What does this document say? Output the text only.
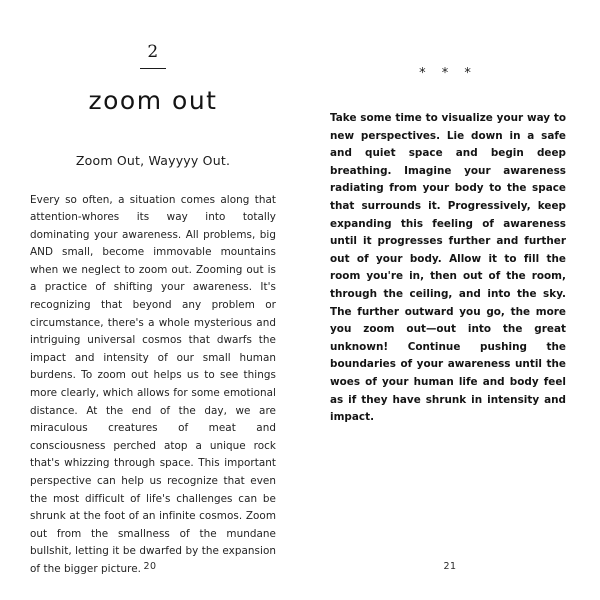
2
zoom out
Zoom Out, Wayyyy Out.

Every so often, a situation comes along that attention-whores its way into totally dominating your awareness. All problems, big AND small, become immovable mountains when we neglect to zoom out. Zooming out is a practice of shifting your awareness. It's recognizing that beyond any problem or circumstance, there's a whole mysterious and intriguing universal cosmos that dwarfs the impact and intensity of our small human burdens. To zoom out helps us to see things more clearly, which allows for some emotional distance. At the end of the day, we are miraculous creatures of meat and consciousness perched atop a unique rock that's whizzing through space. This important perspective can help us recognize that even the most difficult of life's challenges can be shrunk at the foot of an infinite cosmos. Zoom out from the smallness of the mundane bullshit, letting it be dwarfed by the expansion of the bigger picture. 20
* * *

Take some time to visualize your way to new perspectives. Lie down in a safe and quiet space and begin deep breathing. Imagine your awareness radiating from your body to the space that surrounds it. Progressively, keep expanding this feeling of awareness until it progresses further and further out of your body. Allow it to fill the room you're in, then out of the room, through the ceiling, and into the sky. The further outward you go, the more you zoom out—out into the great unknown! Continue pushing the boundaries of your awareness until the woes of your human life and body feel as if they have shrunk in intensity and impact.

21
